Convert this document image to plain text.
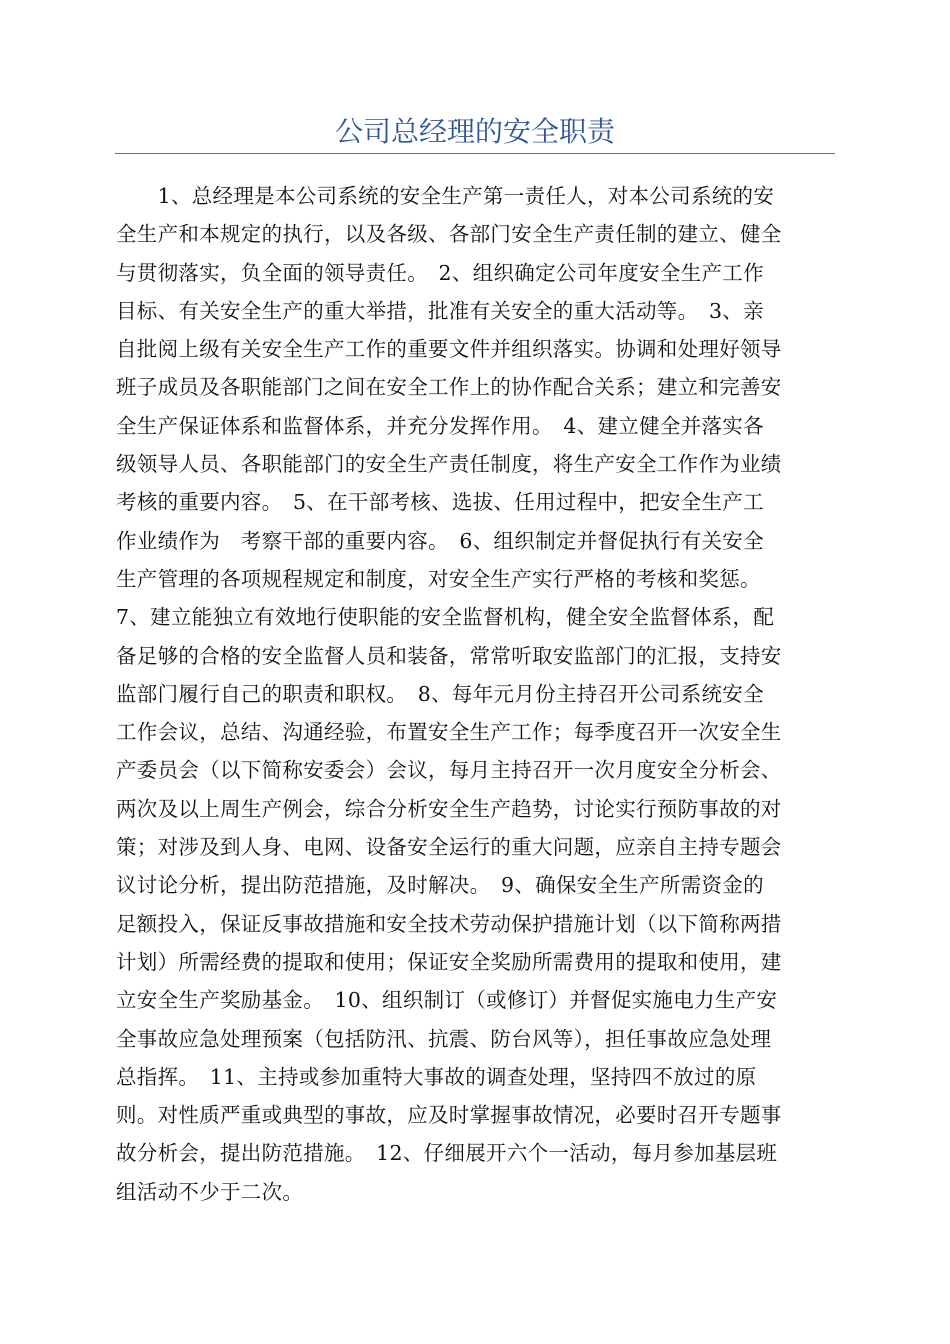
公司总经理的安全职责
　　1、总经理是本公司系统的安全生产第一责任人，对本公司系统的安
全生产和本规定的执行，以及各级、各部门安全生产责任制的建立、健全
与贯彻落实，负全面的领导责任。　2、组织确定公司年度安全生产工作
目标、有关安全生产的重大举措，批准有关安全的重大活动等。　3、亲
自批阅上级有关安全生产工作的重要文件并组织落实。协调和处理好领导
班子成员及各职能部门之间在安全工作上的协作配合关系；建立和完善安
全生产保证体系和监督体系，并充分发挥作用。　4、建立健全并落实各
级领导人员、各职能部门的安全生产责任制度，将生产安全工作作为业绩
考核的重要内容。　5、在干部考核、选拔、任用过程中，把安全生产工
作业绩作为　考察干部的重要内容。　6、组织制定并督促执行有关安全
生产管理的各项规程规定和制度，对安全生产实行严格的考核和奖惩。
7、建立能独立有效地行使职能的安全监督机构，健全安全监督体系，配
备足够的合格的安全监督人员和装备，常常听取安监部门的汇报，支持安
监部门履行自己的职责和职权。　8、每年元月份主持召开公司系统安全
工作会议，总结、沟通经验，布置安全生产工作；每季度召开一次安全生
产委员会（以下简称安委会）会议，每月主持召开一次月度安全分析会、
两次及以上周生产例会，综合分析安全生产趋势，讨论实行预防事故的对
策；对涉及到人身、电网、设备安全运行的重大问题，应亲自主持专题会
议讨论分析，提出防范措施，及时解决。　9、确保安全生产所需资金的
足额投入，保证反事故措施和安全技术劳动保护措施计划（以下简称两措
计划）所需经费的提取和使用；保证安全奖励所需费用的提取和使用，建
立安全生产奖励基金。　10、组织制订（或修订）并督促实施电力生产安
全事故应急处理预案（包括防汛、抗震、防台风等），担任事故应急处理
总指挥。　11、主持或参加重特大事故的调查处理，坚持四不放过的原
则。对性质严重或典型的事故，应及时掌握事故情况，必要时召开专题事
故分析会，提出防范措施。　12、仔细展开六个一活动，每月参加基层班
组活动不少于二次。
